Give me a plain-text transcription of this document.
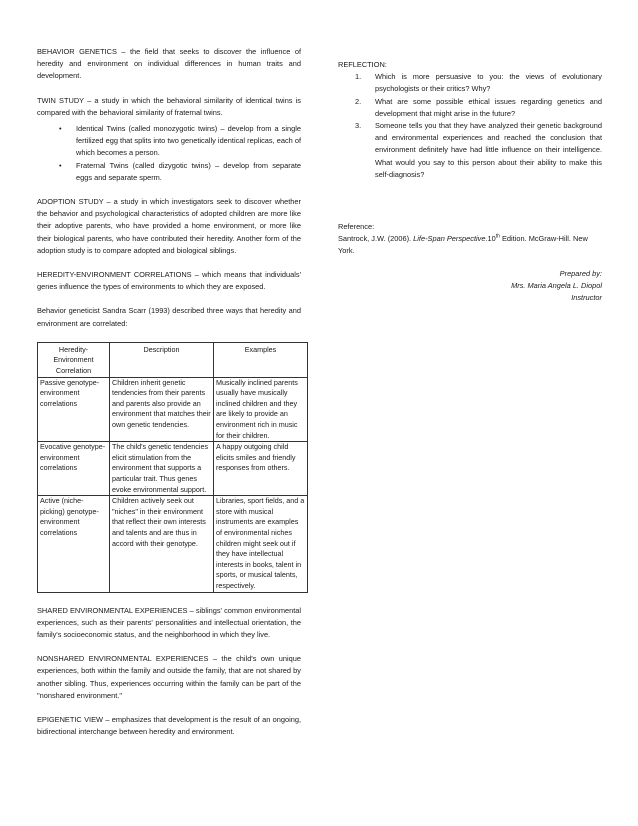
BEHAVIOR GENETICS – the field that seeks to discover the influence of heredity and environment on individual differences in human traits and development.

TWIN STUDY – a study in which the behavioral similarity of identical twins is compared with the behavioral similarity of fraternal twins.

• Identical Twins (called monozygotic twins) – develop from a single fertilized egg that splits into two genetically identical replicas, each of which becomes a person.
• Fraternal Twins (called dizygotic twins) – develop from separate eggs and separate sperm.

ADOPTION STUDY – a study in which investigators seek to discover whether the behavior and psychological characteristics of adopted children are more like their adoptive parents, who have provided a home environment, or more like their biological parents, who have contributed their heredity. Another form of the adoption study is to compare adopted and biological siblings.

HEREDITY-ENVIRONMENT CORRELATIONS – which means that individuals' genes influence the types of environments to which they are exposed.

Behavior geneticist Sandra Scarr (1993) described three ways that heredity and environment are correlated:

Heredity-Environment Correlation	Description	Examples
Passive genotype-environment correlations	Children inherit genetic tendencies from their parents and parents also provide an environment that matches their own genetic tendencies.	Musically inclined parents usually have musically inclined children and they are likely to provide an environment rich in music for their children.
Evocative genotype-environment correlations	The child's genetic tendencies elicit stimulation from the environment that supports a particular trait. Thus genes evoke environmental support.	A happy outgoing child elicits smiles and friendly responses from others.
Active (niche-picking) genotype-environment correlations	Children actively seek out "niches" in their environment that reflect their own interests and talents and are thus in accord with their genotype.	Libraries, sport fields, and a store with musical instruments are examples of environmental niches children might seek out if they have intellectual interests in books, talent in sports, or musical talents, respectively.

SHARED ENVIRONMENTAL EXPERIENCES – siblings' common environmental experiences, such as their parents' personalities and intellectual orientation, the family's socioeconomic status, and the neighborhood in which they live.

NONSHARED ENVIRONMENTAL EXPERIENCES – the child's own unique experiences, both within the family and outside the family, that are not shared by another sibling. Thus, experiences occurring within the family can be part of the "nonshared environment."

EPIGENETIC VIEW – emphasizes that development is the result of an ongoing, bidirectional interchange between heredity and environment.

REFLECTION:

1. Which is more persuasive to you: the views of evolutionary psychologists or their critics? Why?
2. What are some possible ethical issues regarding genetics and development that might arise in the future?
3. Someone tells you that they have analyzed their genetic background and environmental experiences and reached the conclusion that environment definitely have had little influence on their intelligence. What would you say to this person about their ability to make this self-diagnosis?

Reference:

Santrock, J.W. (2006). Life-Span Perspective.10th Edition. McGraw-Hill. New York.

Prepared by:

Mrs. Maria Angela L. Diopol

Instructor
